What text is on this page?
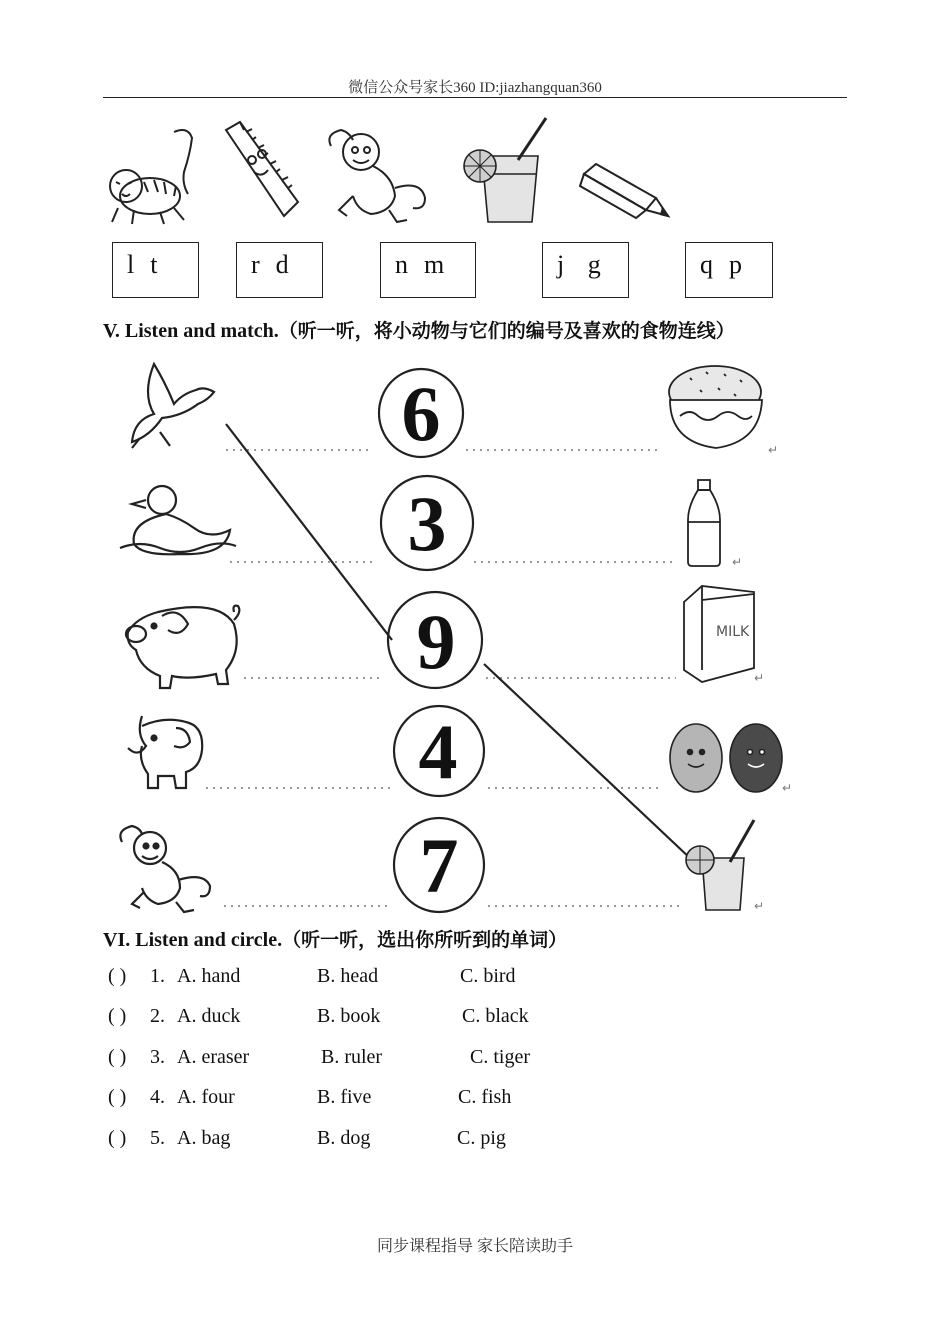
微信公众号家长360 ID:jiazhangquan360
l  t	r  d	n  m	j   g	q  p
V. Listen and match.（听一听，将小动物与它们的编号及喜欢的食物连线）
6
3
9
4
7
MILK
↵
↵
↵
↵
↵
VI. Listen and circle.（听一听，选出你所听到的单词）
( ) 1. A. hand	B. head	C. bird
( ) 2. A. duck	B. book	C. black
( ) 3. A. eraser	B. ruler	C. tiger
( ) 4. A. four	B. five	C. fish
( ) 5. A. bag	B. dog	C. pig
同步课程指导 家长陪读助手
